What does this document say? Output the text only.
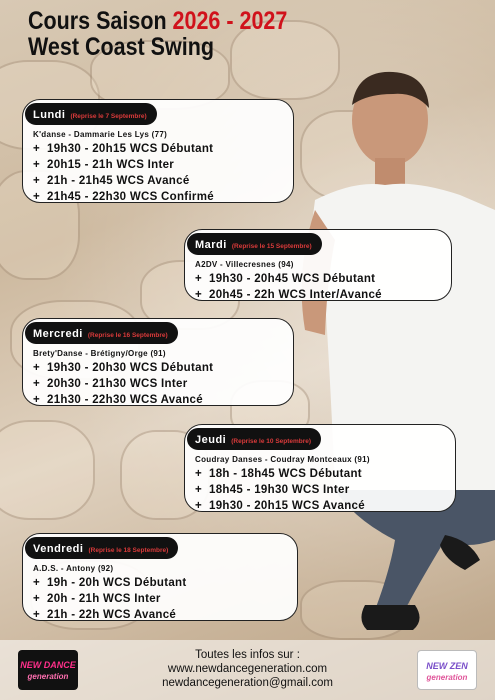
Cours Saison 2026 - 2027
West Coast Swing
Lundi (Reprise le 7 Septembre)
K'danse - Dammarie Les Lys (77)
+ 19h30 - 20h15 WCS Débutant
+ 20h15 - 21h WCS Inter
+ 21h - 21h45 WCS Avancé
+ 21h45 - 22h30 WCS Confirmé
Mardi (Reprise le 15 Septembre)
A2DV - Villecresnes (94)
+ 19h30 - 20h45 WCS Débutant
+ 20h45 - 22h WCS Inter/Avancé
Mercredi (Reprise le 16 Septembre)
Brety'Danse - Brétigny/Orge (91)
+ 19h30 - 20h30 WCS Débutant
+ 20h30 - 21h30 WCS Inter
+ 21h30 - 22h30 WCS Avancé
Jeudi (Reprise le 10 Septembre)
Coudray Danses - Coudray Montceaux (91)
+ 18h - 18h45 WCS Débutant
+ 18h45 - 19h30 WCS Inter
+ 19h30 - 20h15 WCS Avancé
Vendredi (Reprise le 18 Septembre)
A.D.S. - Antony (92)
+ 19h - 20h WCS Débutant
+ 20h - 21h WCS Inter
+ 21h - 22h WCS Avancé
NEW DANCE
generation
Toutes les infos sur :
www.newdancegeneration.com
newdancegeneration@gmail.com
NEW ZEN
generation
